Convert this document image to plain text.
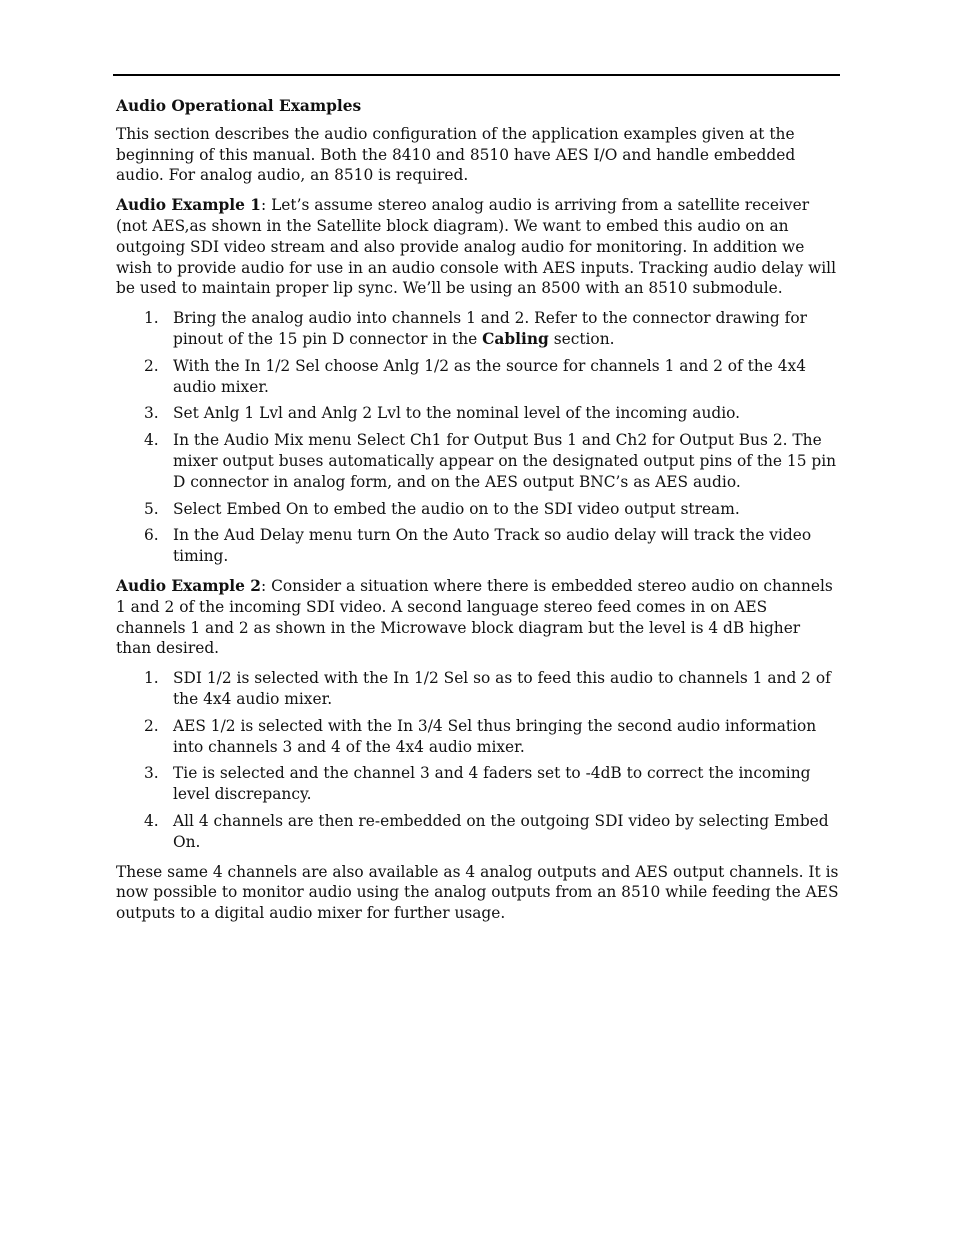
Audio Operational Examples

This section describes the audio configuration of the application examples given at the beginning of this manual. Both the 8410 and 8510 have AES I/O and handle embedded audio. For analog audio, an 8510 is required.

Audio Example 1: Let’s assume stereo analog audio is arriving from a satellite receiver (not AES,as shown in the Satellite block diagram). We want to embed this audio on an outgoing SDI video stream and also provide analog audio for monitoring. In addition we wish to provide audio for use in an audio console with AES inputs. Tracking audio delay will be used to maintain proper lip sync. We’ll be using an 8500 with an 8510 submodule.

1. Bring the analog audio into channels 1 and 2. Refer to the connector drawing for pinout of the 15 pin D connector in the Cabling section.
2. With the In 1/2 Sel choose Anlg 1/2 as the source for channels 1 and 2 of the 4x4 audio mixer.
3. Set Anlg 1 Lvl and Anlg 2 Lvl to the nominal level of the incoming audio.
4. In the Audio Mix menu Select Ch1 for Output Bus 1 and Ch2 for Output Bus 2. The mixer output buses automatically appear on the designated output pins of the 15 pin D connector in analog form, and on the AES output BNC’s as AES audio.
5. Select Embed On to embed the audio on to the SDI video output stream.
6. In the Aud Delay menu turn On the Auto Track so audio delay will track the video timing.

Audio Example 2: Consider a situation where there is embedded stereo audio on channels 1 and 2 of the incoming SDI video. A second language stereo feed comes in on AES channels 1 and 2 as shown in the Microwave block diagram but the level is 4 dB higher than desired.

1. SDI 1/2 is selected with the In 1/2 Sel so as to feed this audio to channels 1 and 2 of the 4x4 audio mixer.
2. AES 1/2 is selected with the In 3/4 Sel thus bringing the second audio information into channels 3 and 4 of the 4x4 audio mixer.
3. Tie is selected and the channel 3 and 4 faders set to -4dB to correct the incoming level discrepancy.
4. All 4 channels are then re-embedded on the outgoing SDI video by selecting Embed On.

These same 4 channels are also available as 4 analog outputs and AES output channels. It is now possible to monitor audio using the analog outputs from an 8510 while feeding the AES outputs to a digital audio mixer for further usage.
